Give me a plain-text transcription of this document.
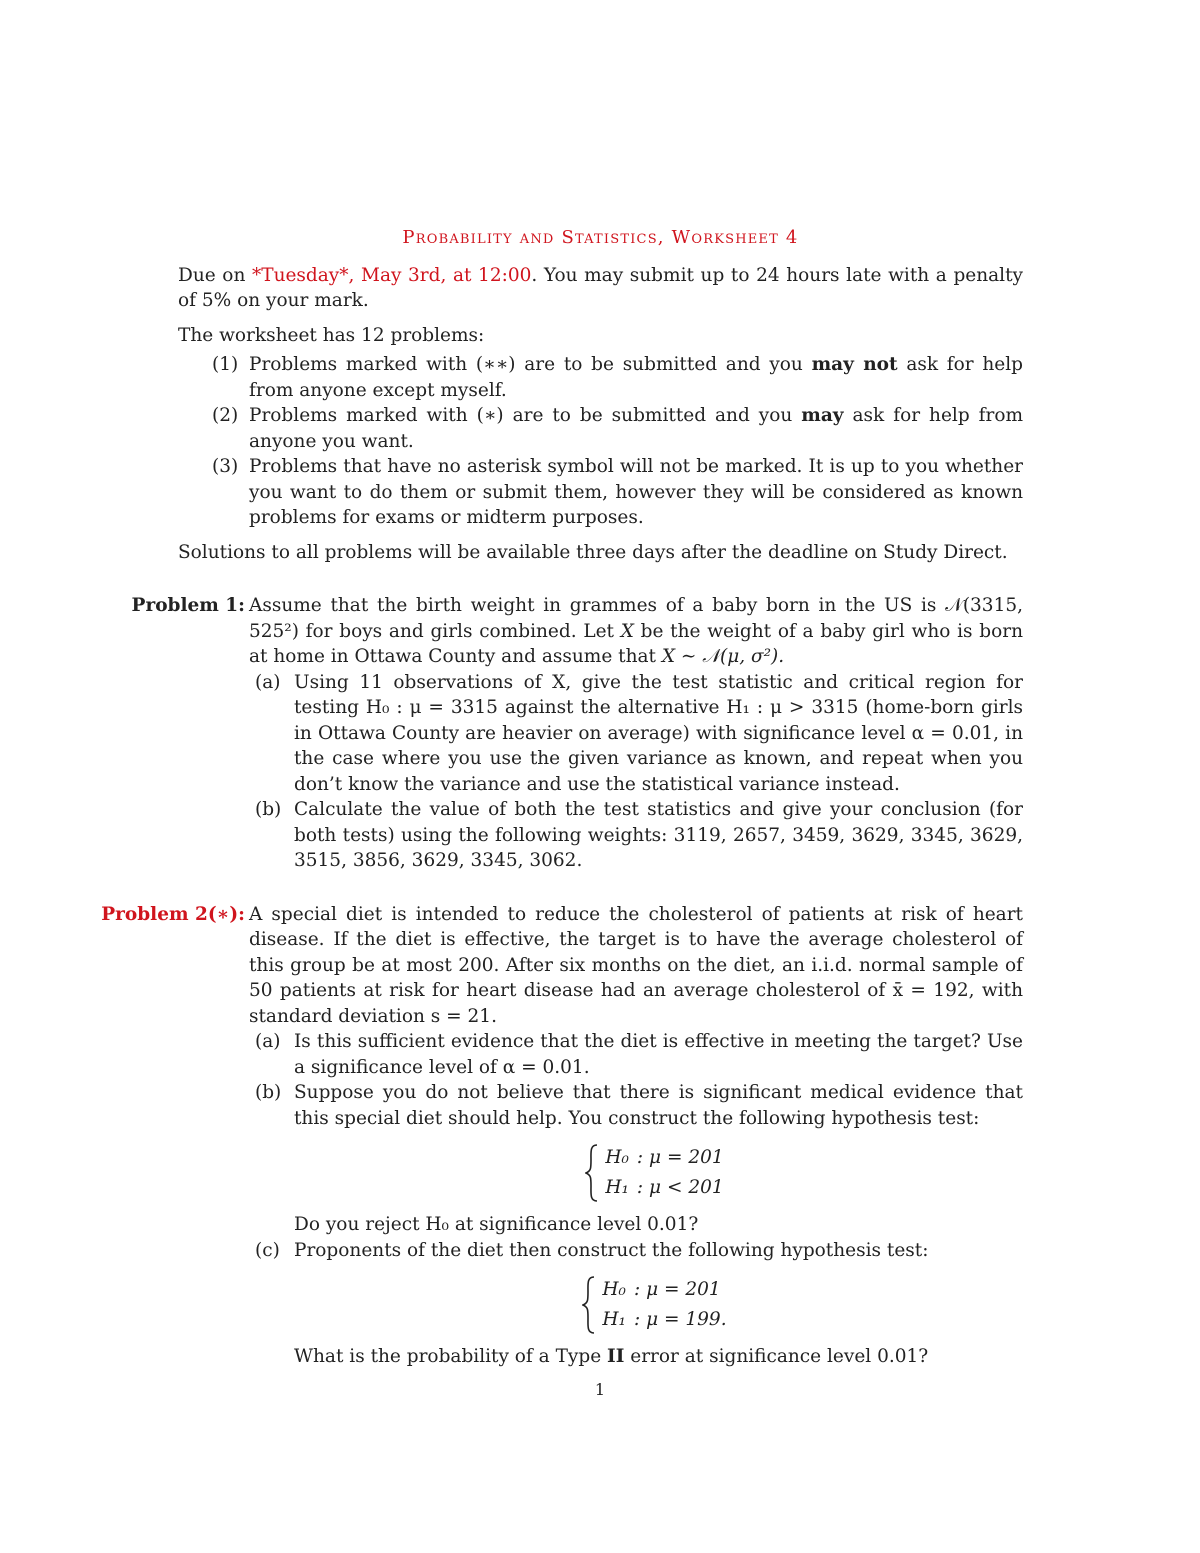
Probability and Statistics, Worksheet 4

Due on *Tuesday*, May 3rd, at 12:00. You may submit up to 24 hours late with a penalty of 5% on your mark.

The worksheet has 12 problems:

(1) Problems marked with (∗∗) are to be submitted and you may not ask for help from anyone except myself.
(2) Problems marked with (∗) are to be submitted and you may ask for help from anyone you want.
(3) Problems that have no asterisk symbol will not be marked. It is up to you whether you want to do them or submit them, however they will be considered as known problems for exams or midterm purposes.

Solutions to all problems will be available three days after the deadline on Study Direct.

Problem 1: Assume that the birth weight in grammes of a baby born in the US is 𝒩(3315, 525²) for boys and girls combined. Let X be the weight of a baby girl who is born at home in Ottawa County and assume that X ∼ 𝒩(μ, σ²).

(a) Using 11 observations of X, give the test statistic and critical region for testing H₀ : μ = 3315 against the alternative H₁ : μ > 3315 (home-born girls in Ottawa County are heavier on average) with significance level α = 0.01, in the case where you use the given variance as known, and repeat when you don’t know the variance and use the statistical variance instead.
(b) Calculate the value of both the test statistics and give your conclusion (for both tests) using the following weights: 3119, 2657, 3459, 3629, 3345, 3629, 3515, 3856, 3629, 3345, 3062.
Problem 2(∗): A special diet is intended to reduce the cholesterol of patients at risk of heart disease. If the diet is effective, the target is to have the average cholesterol of this group be at most 200. After six months on the diet, an i.i.d. normal sample of 50 patients at risk for heart disease had an average cholesterol of x̄ = 192, with standard deviation s = 21.

(a) Is this sufficient evidence that the diet is effective in meeting the target? Use a significance level of α = 0.01.
(b) Suppose you do not believe that there is significant medical evidence that this special diet should help. You construct the following hypothesis test:
H₀	: μ = 201
H₁	: μ < 201
Do you reject H₀ at significance level 0.01?
(c) Proponents of the diet then construct the following hypothesis test:
H₀	: μ = 201
H₁	: μ = 199.
What is the probability of a Type II error at significance level 0.01?
1
